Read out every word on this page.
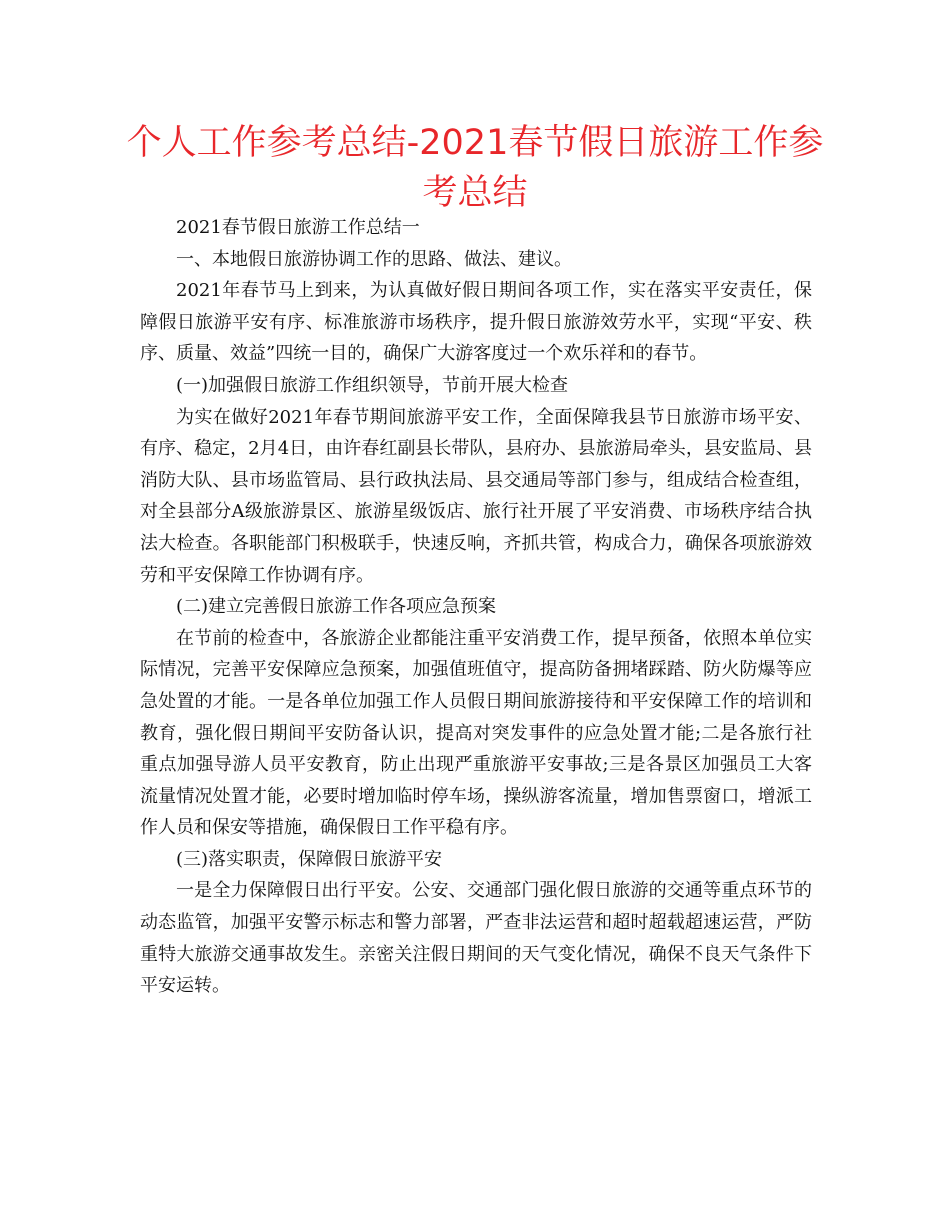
个人工作参考总结-2021春节假日旅游工作参考总结

2021春节假日旅游工作总结一

一、本地假日旅游协调工作的思路、做法、建议。

2021年春节马上到来，为认真做好假日期间各项工作，实在落实平安责任，保障假日旅游平安有序、标准旅游市场秩序，提升假日旅游效劳水平，实现“平安、秩序、质量、效益”四统一目的，确保广大游客度过一个欢乐祥和的春节。

(一)加强假日旅游工作组织领导，节前开展大检查

为实在做好2021年春节期间旅游平安工作，全面保障我县节日旅游市场平安、有序、稳定，2月4日，由许春红副县长带队，县府办、县旅游局牵头，县安监局、县消防大队、县市场监管局、县行政执法局、县交通局等部门参与，组成结合检查组，对全县部分A级旅游景区、旅游星级饭店、旅行社开展了平安消费、市场秩序结合执法大检查。各职能部门积极联手，快速反响，齐抓共管，构成合力，确保各项旅游效劳和平安保障工作协调有序。

(二)建立完善假日旅游工作各项应急预案

在节前的检查中，各旅游企业都能注重平安消费工作，提早预备，依照本单位实际情况，完善平安保障应急预案，加强值班值守，提高防备拥堵踩踏、防火防爆等应急处置的才能。一是各单位加强工作人员假日期间旅游接待和平安保障工作的培训和教育，强化假日期间平安防备认识，提高对突发事件的应急处置才能;二是各旅行社重点加强导游人员平安教育，防止出现严重旅游平安事故;三是各景区加强员工大客流量情况处置才能，必要时增加临时停车场，操纵游客流量，增加售票窗口，增派工作人员和保安等措施，确保假日工作平稳有序。

(三)落实职责，保障假日旅游平安

一是全力保障假日出行平安。公安、交通部门强化假日旅游的交通等重点环节的动态监管，加强平安警示标志和警力部署，严查非法运营和超时超载超速运营，严防重特大旅游交通事故发生。亲密关注假日期间的天气变化情况，确保不良天气条件下平安运转。
